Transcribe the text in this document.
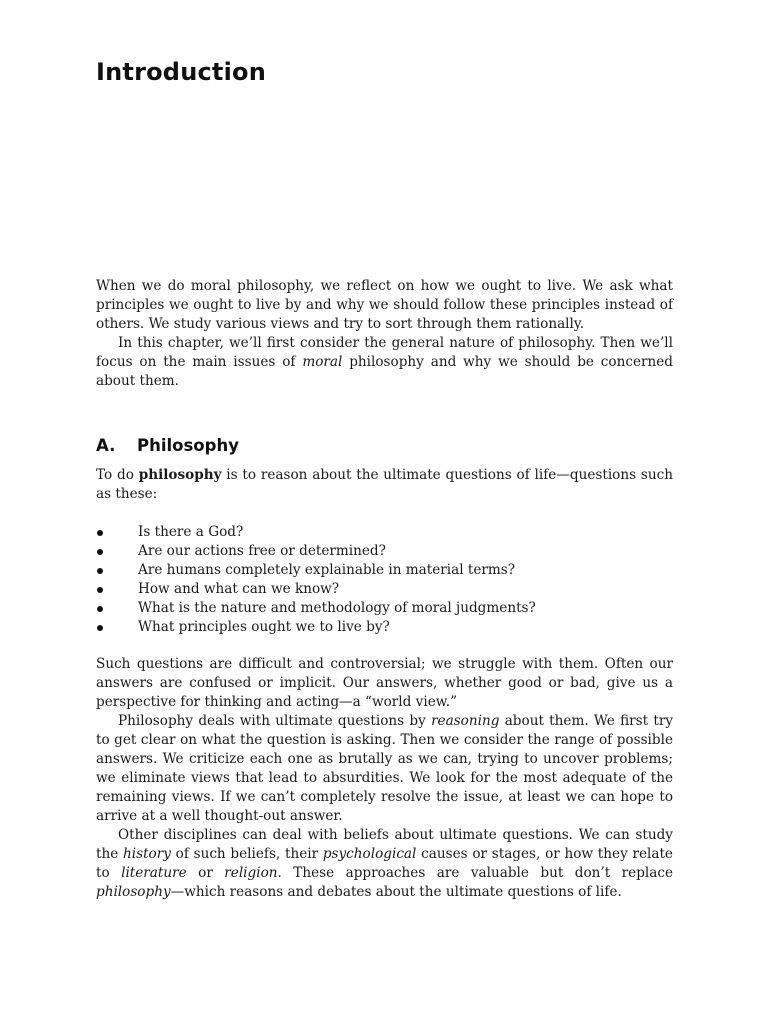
Introduction

When we do moral philosophy, we reflect on how we ought to live. We ask what principles we ought to live by and why we should follow these principles instead of others. We study various views and try to sort through them rationally.

In this chapter, we’ll first consider the general nature of philosophy. Then we’ll focus on the main issues of moral philosophy and why we should be concerned about them.

A. Philosophy

To do philosophy is to reason about the ultimate questions of life—questions such as these:

Is there a God?
Are our actions free or determined?
Are humans completely explainable in material terms?
How and what can we know?
What is the nature and methodology of moral judgments?
What principles ought we to live by?

Such questions are difficult and controversial; we struggle with them. Often our answers are confused or implicit. Our answers, whether good or bad, give us a perspective for thinking and acting—a “world view.”

Philosophy deals with ultimate questions by reasoning about them. We first try to get clear on what the question is asking. Then we consider the range of possible answers. We criticize each one as brutally as we can, trying to uncover problems; we eliminate views that lead to absurdities. We look for the most adequate of the remaining views. If we can’t completely resolve the issue, at least we can hope to arrive at a well thought-out answer.

Other disciplines can deal with beliefs about ultimate questions. We can study the history of such beliefs, their psychological causes or stages, or how they relate to literature or religion. These approaches are valuable but don’t replace philosophy—which reasons and debates about the ultimate questions of life.
